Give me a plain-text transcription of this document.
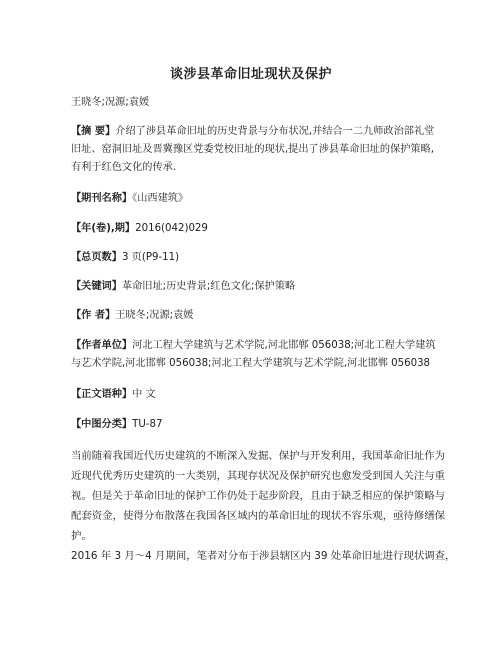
谈涉县革命旧址现状及保护
王晓冬;况源;袁媛
【摘 要】介绍了涉县革命旧址的历史背景与分布状况,并结合一二九师政治部礼堂
旧址、窑洞旧址及晋冀豫区党委党校旧址的现状,提出了涉县革命旧址的保护策略,
有利于红色文化的传承.
【期刊名称】《山西建筑》
【年(卷),期】2016(042)029
【总页数】3 页(P9-11)
【关键词】革命旧址;历史背景;红色文化;保护策略
【作 者】王晓冬;况源;袁媛
【作者单位】河北工程大学建筑与艺术学院,河北邯郸 056038;河北工程大学建筑
与艺术学院,河北邯郸 056038;河北工程大学建筑与艺术学院,河北邯郸 056038
【正文语种】中 文
【中图分类】TU-87
当前随着我国近代历史建筑的不断深入发掘、保护与开发利用，我国革命旧址作为
近现代优秀历史建筑的一大类别，其现存状况及保护研究也愈发受到国人关注与重
视。但是关于革命旧址的保护工作仍处于起步阶段，且由于缺乏相应的保护策略与
配套资金，使得分布散落在我国各区域内的革命旧址的现状不容乐观，亟待修缮保
护。
2016 年 3 月～4 月期间，笔者对分布于涉县辖区内 39 处革命旧址进行现状调查，
